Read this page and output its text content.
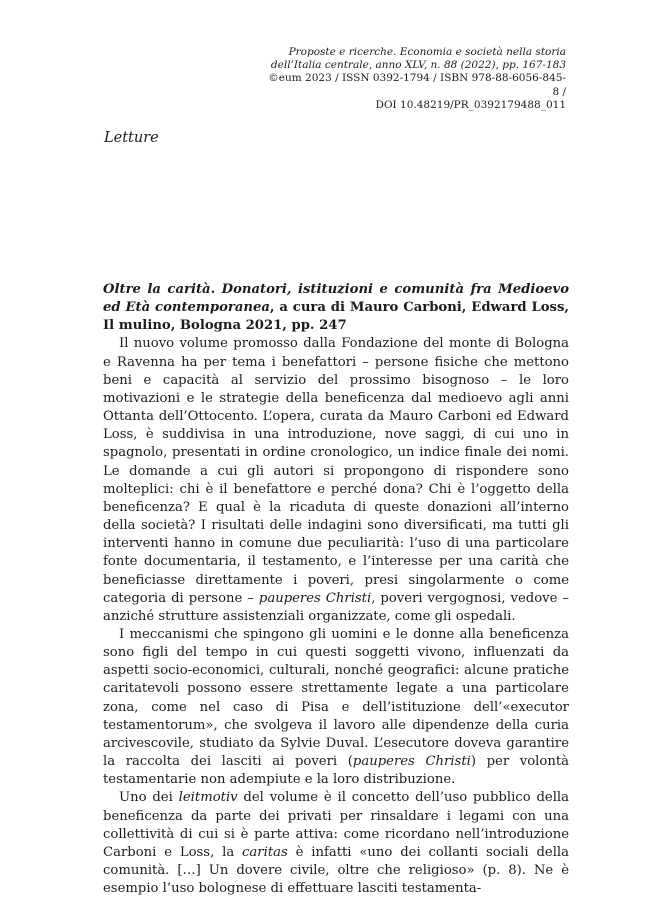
Proposte e ricerche. Economia e società nella storia
dell’Italia centrale, anno XLV, n. 88 (2022), pp. 167-183
©eum 2023 / ISSN 0392-1794 / ISBN 978-88-6056-845-8 /
DOI 10.48219/PR_0392179488_011
Letture
Oltre la carità. Donatori, istituzioni e comunità fra Medioevo ed Età contemporanea, a cura di Mauro Carboni, Edward Loss, Il mulino, Bologna 2021, pp. 247

Il nuovo volume promosso dalla Fondazione del monte di Bologna e Ravenna ha per tema i benefattori – persone fisiche che mettono beni e capacità al servizio del prossimo bisognoso – le loro motivazioni e le strategie della beneficenza dal medioevo agli anni Ottanta dell’Ottocento. L’opera, curata da Mauro Carboni ed Edward Loss, è suddivisa in una introduzione, nove saggi, di cui uno in spagnolo, presentati in ordine cronologico, un indice finale dei nomi. Le domande a cui gli autori si propongono di rispondere sono molteplici: chi è il benefattore e perché dona? Chi è l’oggetto della beneficenza? E qual è la ricaduta di queste donazioni all’interno della società? I risultati delle indagini sono diversificati, ma tutti gli interventi hanno in comune due peculiarità: l’uso di una particolare fonte documentaria, il testamento, e l’interesse per una carità che beneficiasse direttamente i poveri, presi singolarmente o come categoria di persone – pauperes Christi, poveri vergognosi, vedove – anziché strutture assistenziali organizzate, come gli ospedali.

I meccanismi che spingono gli uomini e le donne alla beneficenza sono figli del tempo in cui questi soggetti vivono, influenzati da aspetti socio-economici, culturali, nonché geografici: alcune pratiche caritatevoli possono essere strettamente legate a una particolare zona, come nel caso di Pisa e dell’istituzione dell’«executor testamentorum», che svolgeva il lavoro alle dipendenze della curia arcivescovile, studiato da Sylvie Duval. L’esecutore doveva garantire la raccolta dei lasciti ai poveri (pauperes Christi) per volontà testamentarie non adempiute e la loro distribuzione.

Uno dei leitmotiv del volume è il concetto dell’uso pubblico della beneficenza da parte dei privati per rinsaldare i legami con una collettività di cui si è parte attiva: come ricordano nell’introduzione Carboni e Loss, la caritas è infatti «uno dei collanti sociali della comunità. […] Un dovere civile, oltre che religioso» (p. 8). Ne è esempio l’uso bolognese di effettuare lasciti testamenta-
